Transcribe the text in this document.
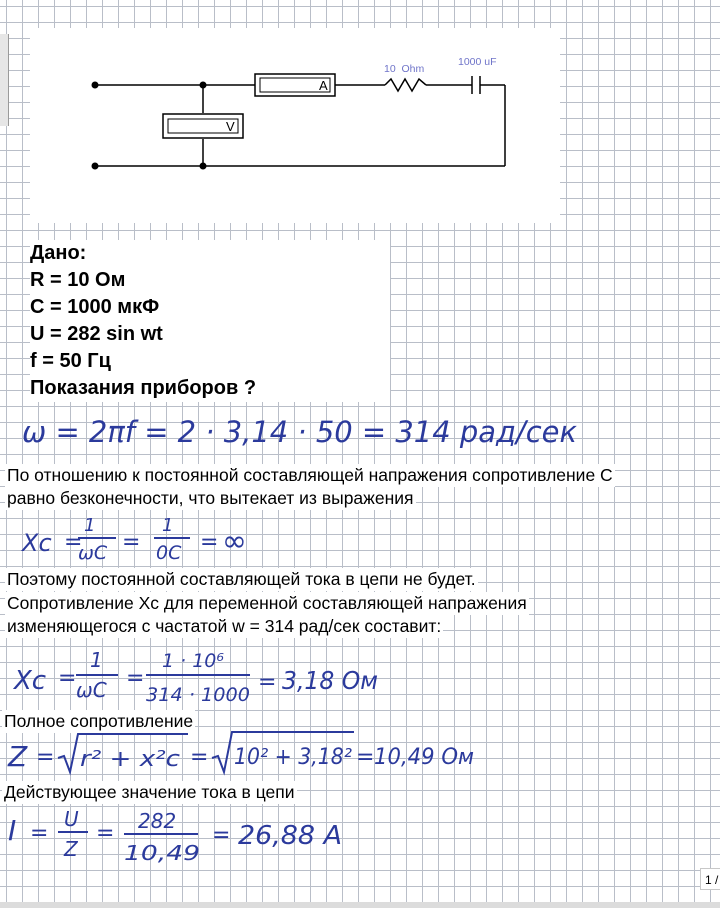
A
V
10  Ohm
1000 uF
Дано:
R = 10 Ом
C = 1000 мкФ
U = 282 sin wt
f = 50 Гц
Показания приборов ?
ω = 2πf = 2 · 3,14 · 50 = 314 рад/сек
По отношению к постоянной составляющей напражения сопротивление С
равно безконечности, что вытекает из выражения
Xc =
1
ωC =
1
0C = ∞
Поэтому постоянной составляющей тока в цепи не будет.
Сопротивление Xc для переменной составляющей напражения
изменяющегося с частатой w = 314 рад/сек составит:
Xc =
1
ωC =
1 · 10⁶
314 · 1000 = 3,18 Ом
Полное сопротивление
Z = r² + x²c = 10² + 3,18² = 10,49 Ом
Действующее значение тока в цепи
I =
U
Z
= 282
10,49
= 26,88 A
1 /
